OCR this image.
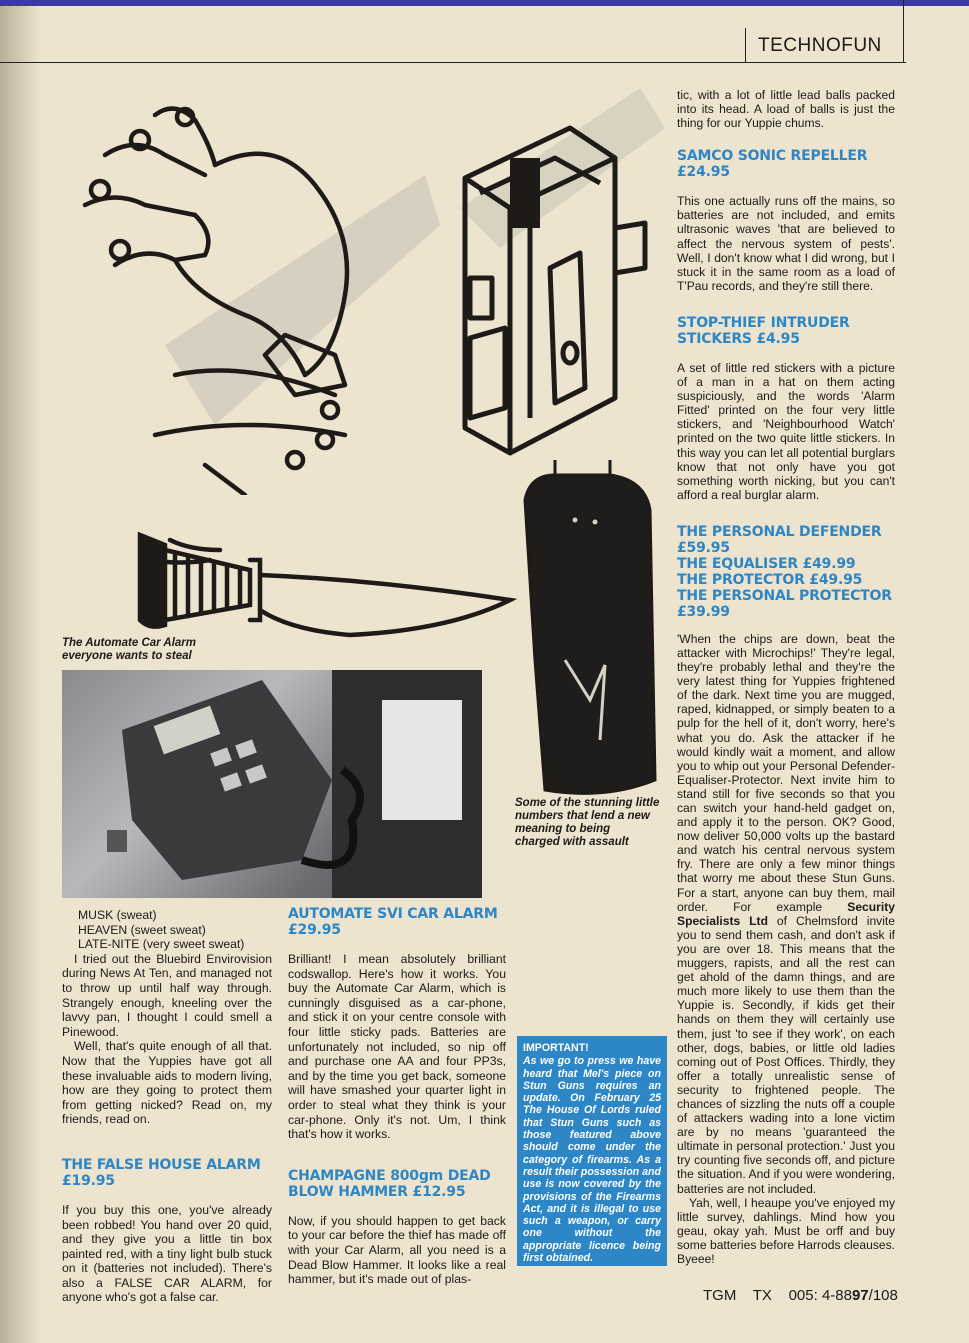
TECHNOFUN
The Automate Car Alarm
everyone wants to steal
Some of the stunning little
numbers that lend a new
meaning to being
charged with assault
MUSK (sweat)
HEAVEN (sweet sweat)
LATE-NITE (very sweet sweat)

I tried out the Bluebird Envirovision during News At Ten, and managed not to throw up until half way through. Strangely enough, kneeling over the lavvy pan, I thought I could smell a Pinewood.

Well, that's quite enough of all that. Now that the Yuppies have got all these invaluable aids to modern living, how are they going to protect them from getting nicked? Read on, my friends, read on.

THE FALSE HOUSE ALARM
£19.95

If you buy this one, you've already been robbed! You hand over 20 quid, and they give you a little tin box painted red, with a tiny light bulb stuck on it (batteries not included). There's also a FALSE CAR ALARM, for anyone who's got a false car.

AUTOMATE SVI CAR ALARM
£29.95

Brilliant! I mean absolutely brilliant codswallop. Here's how it works. You buy the Automate Car Alarm, which is cunningly disguised as a car-phone, and stick it on your centre console with four little sticky pads. Batteries are unfortunately not included, so nip off and purchase one AA and four PP3s, and by the time you get back, someone will have smashed your quarter light in order to steal what they think is your car-phone. Only it's not. Um, I think that's how it works.

CHAMPAGNE 800gm DEAD
BLOW HAMMER £12.95

Now, if you should happen to get back to your car before the thief has made off with your Car Alarm, all you need is a Dead Blow Hammer. It looks like a real hammer, but it's made out of plas-

IMPORTANT!
As we go to press we have heard that Mel's piece on Stun Guns requires an update. On February 25 The House Of Lords ruled that Stun Guns such as those featured above should come under the category of firearms. As a result their possession and use is now covered by the provisions of the Firearms Act, and it is illegal to use such a weapon, or carry one without the appropriate licence being first obtained.

tic, with a lot of little lead balls packed into its head. A load of balls is just the thing for our Yuppie chums.

SAMCO SONIC REPELLER
£24.95

This one actually runs off the mains, so batteries are not included, and emits ultrasonic waves 'that are believed to affect the nervous system of pests'. Well, I don't know what I did wrong, but I stuck it in the same room as a load of T'Pau records, and they're still there.

STOP-THIEF INTRUDER
STICKERS £4.95

A set of little red stickers with a picture of a man in a hat on them acting suspiciously, and the words 'Alarm Fitted' printed on the four very little stickers, and 'Neighbourhood Watch' printed on the two quite little stickers. In this way you can let all potential burglars know that not only have you got something worth nicking, but you can't afford a real burglar alarm.

THE PERSONAL DEFENDER
£59.95
THE EQUALISER £49.99
THE PROTECTOR £49.95
THE PERSONAL PROTECTOR
£39.99

'When the chips are down, beat the attacker with Microchips!' They're legal, they're probably lethal and they're the very latest thing for Yuppies frightened of the dark. Next time you are mugged, raped, kidnapped, or simply beaten to a pulp for the hell of it, don't worry, here's what you do. Ask the attacker if he would kindly wait a moment, and allow you to whip out your Personal Defender-Equaliser-Protector. Next invite him to stand still for five seconds so that you can switch your hand-held gadget on, and apply it to the person. OK? Good, now deliver 50,000 volts up the bastard and watch his central nervous system fry. There are only a few minor things that worry me about these Stun Guns. For a start, anyone can buy them, mail order. For example Security Specialists Ltd of Chelmsford invite you to send them cash, and don't ask if you are over 18. This means that the muggers, rapists, and all the rest can get ahold of the damn things, and are much more likely to use them than the Yuppie is. Secondly, if kids get their hands on them they will certainly use them, just 'to see if they work', on each other, dogs, babies, or little old ladies coming out of Post Offices. Thirdly, they offer a totally unrealistic sense of security to frightened people. The chances of sizzling the nuts off a couple of attackers wading into a lone victim are by no means 'guaranteed the ultimate in personal protection.' Just you try counting five seconds off, and picture the situation. And if you were wondering, batteries are not included.

Yah, well, I heaupe you've enjoyed my little survey, dahlings. Mind how you geau, okay yah. Must be orff and buy some batteries before Harrods cleauses. Byeee!

TGM TX 005: 4-8897/108
